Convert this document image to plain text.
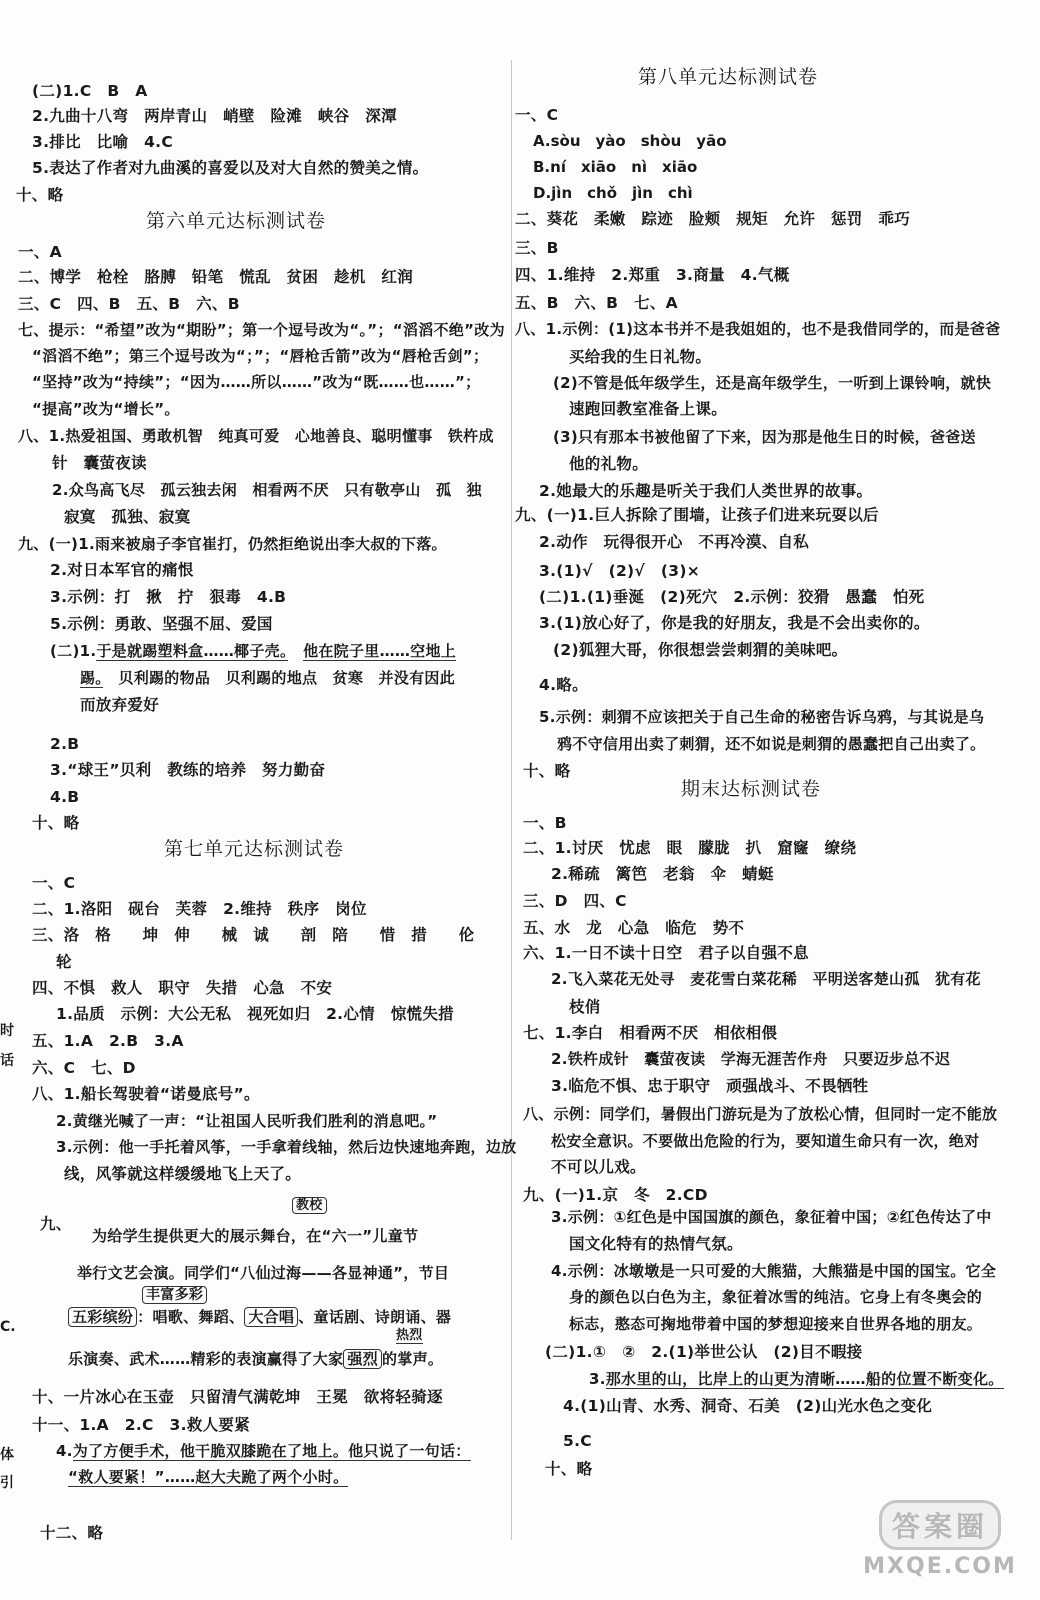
(二)1.C　B　A
2.九曲十八弯　两岸青山　峭壁　险滩　峡谷　深潭
3.排比　比喻　4.C
5.表达了作者对九曲溪的喜爱以及对大自然的赞美之情。
十、略
第六单元达标测试卷
一、A
二、博学　枪栓　胳膊　铅笔　慌乱　贫困　趁机　红润
三、C　四、B　五、B　六、B
七、提示：“希望”改为“期盼”；第一个逗号改为“。”；“滔滔不绝”改为
“滔滔不绝”；第三个逗号改为“；”；“唇枪舌箭”改为“唇枪舌剑”；
“坚持”改为“持续”；“因为……所以……”改为“既……也……”；
“提高”改为“增长”。
八、1.热爱祖国、勇敢机智　纯真可爱　心地善良、聪明懂事　铁杵成
针　囊萤夜读
2.众鸟高飞尽　孤云独去闲　相看两不厌　只有敬亭山　孤　独
寂寞　孤独、寂寞
九、(一)1.雨来被扇子李官崔打，仍然拒绝说出李大叔的下落。
2.对日本军官的痛恨
3.示例：打　揪　拧　狠毒　4.B
5.示例：勇敢、坚强不屈、爱国
(二)1.于是就踢塑料盒……椰子壳。　 他在院子里……空地上
踢。　贝利踢的物品　贝利踢的地点　贫寒　并没有因此
而放弃爱好
2.B
3.“球王”贝利　教练的培养　努力勤奋
4.B
十、略
第七单元达标测试卷
一、C
二、1.洛阳　砚台　芙蓉　2.维持　秩序　岗位
三、洛　格　　坤　伸　　械　诚　　剖　陪　　惜　措　　伦
轮
四、不惧　救人　职守　失措　心急　不安
1.品质　示例：大公无私　视死如归　2.心情　惊慌失措
五、1.A　2.B　3.A
六、C　七、D
八、1.船长驾驶着“诺曼底号”。
2.黄继光喊了一声：“让祖国人民听我们胜利的消息吧。”
3.示例：他一手托着风筝，一手拿着线轴，然后边快速地奔跑，边放
线，风筝就这样缓缓地飞上天了。
九、
教校
为给学生提供更大的展示舞台，在“六一”儿童节
举行文艺会演。同学们“八仙过海——各显神通”，节目
丰富多彩
五彩缤纷 ：唱歌、舞蹈、 大合唱 、童话剧、诗朗诵、器
热烈
乐演奏、武术……精彩的表演赢得了大家 强烈 的掌声。
十、一片冰心在玉壶　只留清气满乾坤　王冕　欲将轻骑逐
十一、1.A　2.C　3.救人要紧
4.为了方便手术，他干脆双膝跪在了地上。他只说了一句话：
“救人要紧！”……赵大夫跪了两个小时。
十二、略
时
话
C.
体
引
第八单元达标测试卷
一、C
A.sòu　yào　shòu　yāo
B.ní　xiāo　nì　xiāo
D.jìn　chǒ　jìn　chì
二、葵花　柔嫩　踪迹　脸颊　规矩　允许　惩罚　乖巧
三、B
四、1.维持　2.郑重　3.商量　4.气概
五、B　六、B　七、A
八、1.示例：(1)这本书并不是我姐姐的，也不是我借同学的，而是爸爸
买给我的生日礼物。
(2)不管是低年级学生，还是高年级学生，一听到上课铃响，就快
速跑回教室准备上课。
(3)只有那本书被他留了下来，因为那是他生日的时候，爸爸送
他的礼物。
2.她最大的乐趣是听关于我们人类世界的故事。
九、(一)1.巨人拆除了围墙，让孩子们进来玩耍以后
2.动作　玩得很开心　不再冷漠、自私
3.(1)√　(2)√　(3)×
(二)1.(1)垂涎　(2)死穴　2.示例：狡猾　愚蠢　怕死
3.(1)放心好了，你是我的好朋友，我是不会出卖你的。
(2)狐狸大哥，你很想尝尝刺猬的美味吧。
4.略。
5.示例：刺猬不应该把关于自己生命的秘密告诉乌鸦，与其说是乌
鸦不守信用出卖了刺猬，还不如说是刺猬的愚蠢把自己出卖了。
十、略
期末达标测试卷
一、B
二、1.讨厌　忧虑　眼　朦胧　扒　窟窿　缭绕
2.稀疏　篱笆　老翁　伞　蜻蜓
三、D　四、C
五、水　龙　心急　临危　势不
六、1.一日不读十日空　君子以自强不息
2.飞入菜花无处寻　麦花雪白菜花稀　平明送客楚山孤　犹有花
枝俏
七、1.李白　相看两不厌　相依相偎
2.铁杵成针　囊萤夜读　学海无涯苦作舟　只要迈步总不迟
3.临危不惧、忠于职守　顽强战斗、不畏牺牲
八、示例：同学们，暑假出门游玩是为了放松心情，但同时一定不能放
松安全意识。不要做出危险的行为，要知道生命只有一次，绝对
不可以儿戏。
九、(一)1.京　冬　2.CD
3.示例：①红色是中国国旗的颜色，象征着中国；②红色传达了中
国文化特有的热情气氛。
4.示例：冰墩墩是一只可爱的大熊猫，大熊猫是中国的国宝。它全
身的颜色以白色为主，象征着冰雪的纯洁。它身上有冬奥会的
标志，憨态可掬地带着中国的梦想迎接来自世界各地的朋友。
(二)1.①　②　2.(1)举世公认　(2)目不暇接
3.那水里的山，比岸上的山更为清晰……船的位置不断变化。
4.(1)山青、水秀、洞奇、石美　(2)山光水色之变化
5.C
十、略
答案圈
MXQE.COM
